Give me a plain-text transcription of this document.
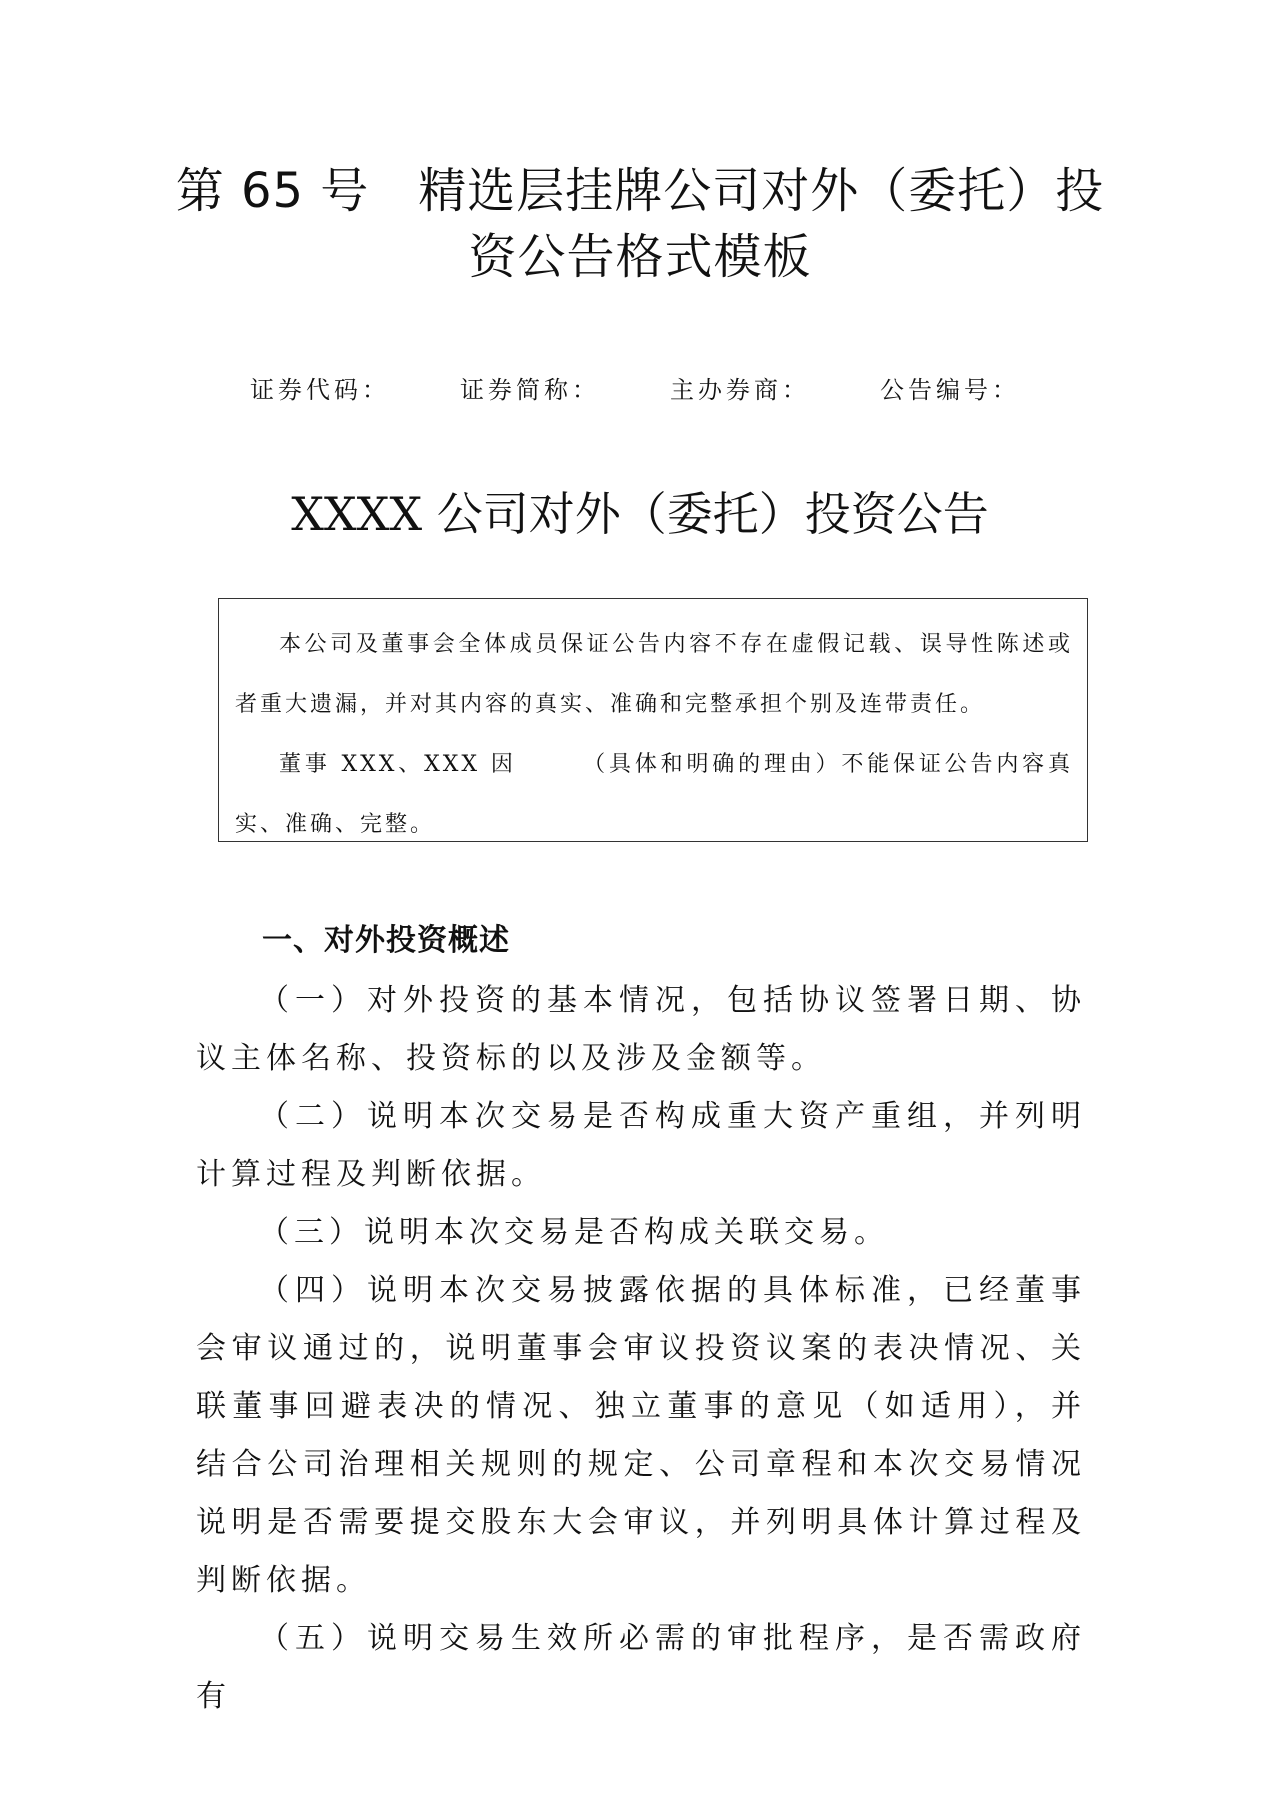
第 65 号　精选层挂牌公司对外（委托）投
资公告格式模板
证券代码：	证券简称：	主办券商：	公告编号：
XXXX 公司对外（委托）投资公告

本公司及董事会全体成员保证公告内容不存在虚假记载、误导性陈述或者重大遗漏，并对其内容的真实、准确和完整承担个别及连带责任。

董事 XXX、XXX 因　　　（具体和明确的理由）不能保证公告内容真实、准确、完整。

一、对外投资概述

（一）对外投资的基本情况，包括协议签署日期、协议主体名称、投资标的以及涉及金额等。

（二）说明本次交易是否构成重大资产重组，并列明计算过程及判断依据。

（三）说明本次交易是否构成关联交易。

（四）说明本次交易披露依据的具体标准，已经董事会审议通过的，说明董事会审议投资议案的表决情况、关联董事回避表决的情况、独立董事的意见（如适用），并结合公司治理相关规则的规定、公司章程和本次交易情况说明是否需要提交股东大会审议，并列明具体计算过程及判断依据。

（五）说明交易生效所必需的审批程序，是否需政府有
